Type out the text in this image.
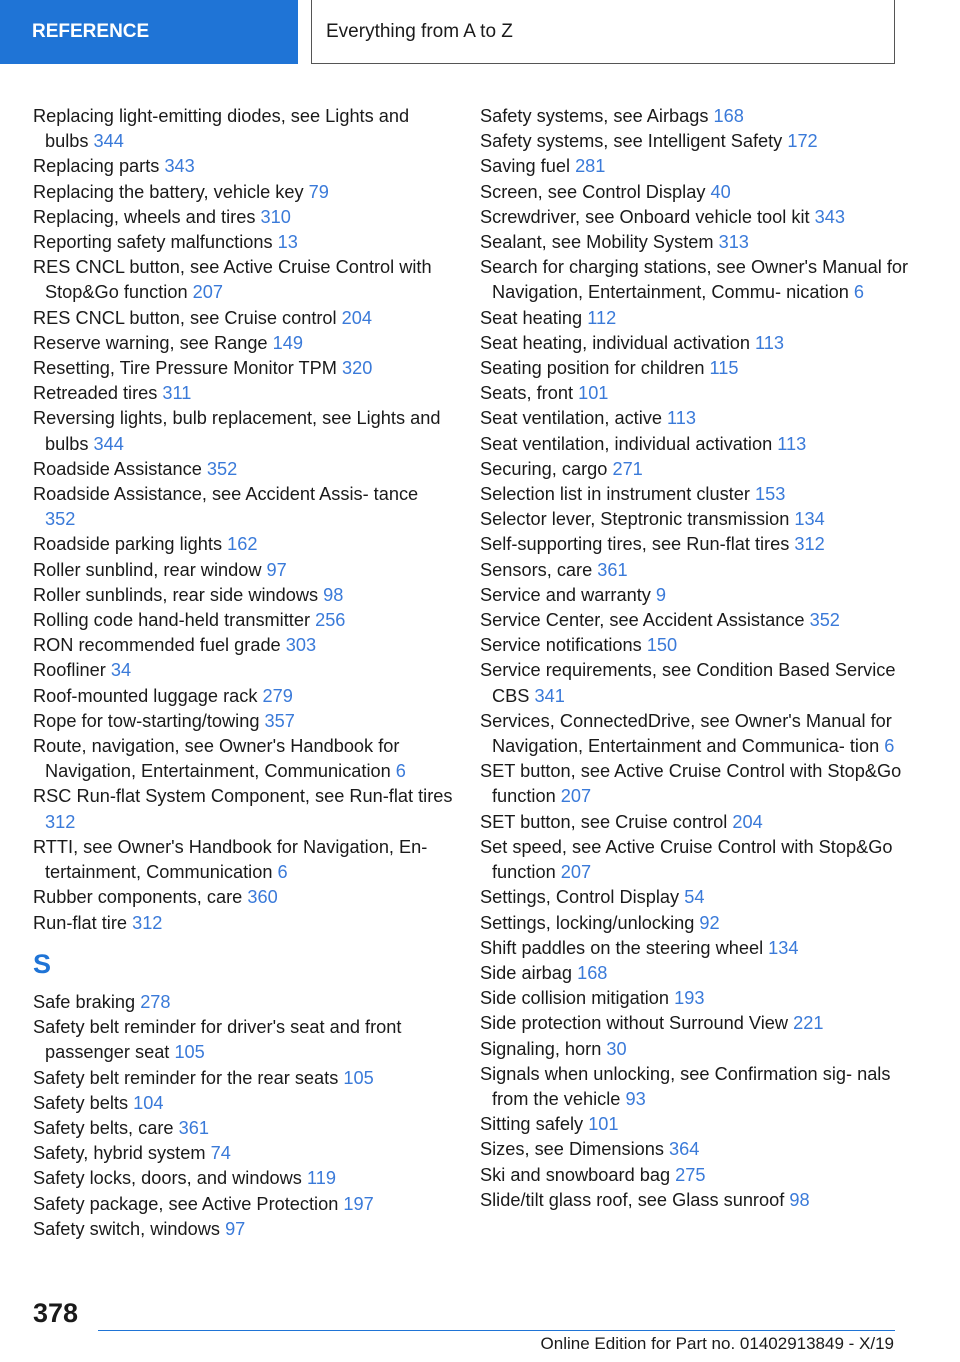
REFERENCE	Everything from A to Z
Replacing light‐emitting diodes, see Lights and bulbs 344
Replacing parts 343
Replacing the battery, vehicle key 79
Replacing, wheels and tires 310
Reporting safety malfunctions 13
RES CNCL button, see Active Cruise Control with Stop&Go function 207
RES CNCL button, see Cruise control 204
Reserve warning, see Range 149
Resetting, Tire Pressure Monitor TPM 320
Retreaded tires 311
Reversing lights, bulb replacement, see Lights and bulbs 344
Roadside Assistance 352
Roadside Assistance, see Accident Assis‐ tance 352
Roadside parking lights 162
Roller sunblind, rear window 97
Roller sunblinds, rear side windows 98
Rolling code hand‐held transmitter 256
RON recommended fuel grade 303
Roofliner 34
Roof‐mounted luggage rack 279
Rope for tow‐starting/towing 357
Route, navigation, see Owner's Handbook for Navigation, Entertainment, Communication 6
RSC Run‐flat System Component, see Run‐flat tires 312
RTTI, see Owner's Handbook for Navigation, En‐ tertainment, Communication 6
Rubber components, care 360
Run‐flat tire 312
S
Safe braking 278
Safety belt reminder for driver's seat and front passenger seat 105
Safety belt reminder for the rear seats 105
Safety belts 104
Safety belts, care 361
Safety, hybrid system 74
Safety locks, doors, and windows 119
Safety package, see Active Protection 197
Safety switch, windows 97
Safety systems, see Airbags 168
Safety systems, see Intelligent Safety 172
Saving fuel 281
Screen, see Control Display 40
Screwdriver, see Onboard vehicle tool kit 343
Sealant, see Mobility System 313
Search for charging stations, see Owner's Manual for Navigation, Entertainment, Commu‐ nication 6
Seat heating 112
Seat heating, individual activation 113
Seating position for children 115
Seats, front 101
Seat ventilation, active 113
Seat ventilation, individual activation 113
Securing, cargo 271
Selection list in instrument cluster 153
Selector lever, Steptronic transmission 134
Self‐supporting tires, see Run‐flat tires 312
Sensors, care 361
Service and warranty 9
Service Center, see Accident Assistance 352
Service notifications 150
Service requirements, see Condition Based Service CBS 341
Services, ConnectedDrive, see Owner's Manual for Navigation, Entertainment and Communica‐ tion 6
SET button, see Active Cruise Control with Stop&Go function 207
SET button, see Cruise control 204
Set speed, see Active Cruise Control with Stop&Go function 207
Settings, Control Display 54
Settings, locking/unlocking 92
Shift paddles on the steering wheel 134
Side airbag 168
Side collision mitigation 193
Side protection without Surround View 221
Signaling, horn 30
Signals when unlocking, see Confirmation sig‐ nals from the vehicle 93
Sitting safely 101
Sizes, see Dimensions 364
Ski and snowboard bag 275
Slide/tilt glass roof, see Glass sunroof 98
378
Online Edition for Part no. 01402913849 - X/19
